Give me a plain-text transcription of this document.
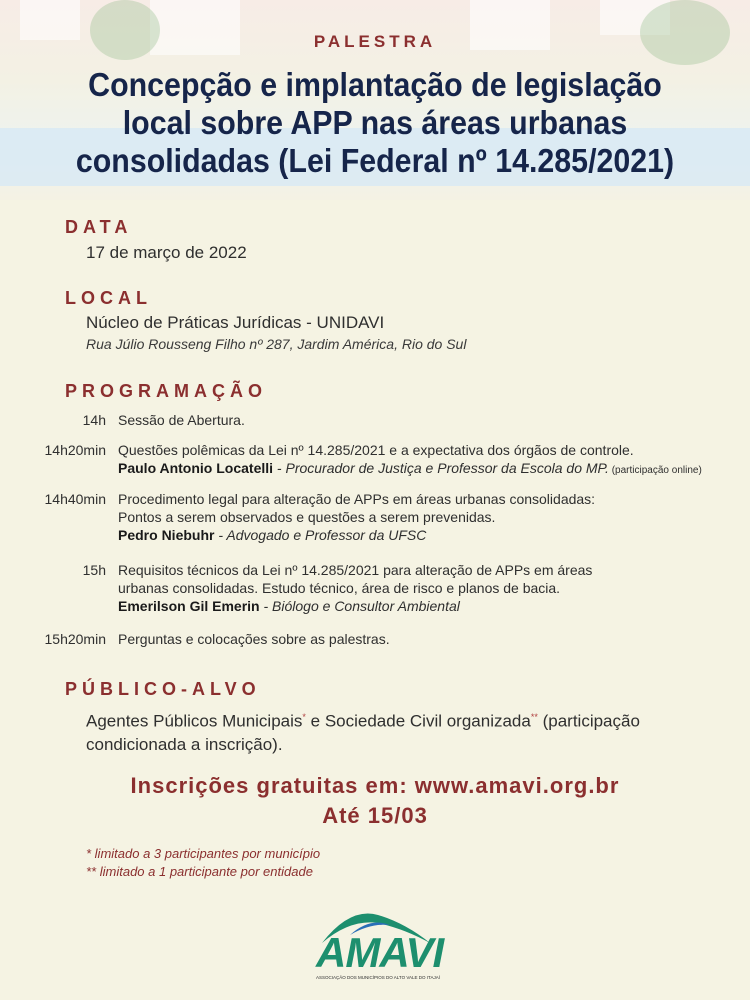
PALESTRA
Concepção e implantação de legislação
local sobre APP nas áreas urbanas
consolidadas (Lei Federal nº 14.285/2021)
DATA
17 de março de 2022
LOCAL
Núcleo de Práticas Jurídicas - UNIDAVI
Rua Júlio Rousseng Filho nº 287, Jardim América, Rio do Sul
PROGRAMAÇÃO
14h Sessão de Abertura.
14h20min Questões polêmicas da Lei nº 14.285/2021 e a expectativa dos órgãos de controle.
Paulo Antonio Locatelli - Procurador de Justiça e Professor da Escola do MP. (participação online)
14h40min Procedimento legal para alteração de APPs em áreas urbanas consolidadas:
Pontos a serem observados e questões a serem prevenidas.
Pedro Niebuhr - Advogado e Professor da UFSC
15h Requisitos técnicos da Lei nº 14.285/2021 para alteração de APPs em áreas
urbanas consolidadas. Estudo técnico, área de risco e planos de bacia.
Emerilson Gil Emerin - Biólogo e Consultor Ambiental
15h20min Perguntas e colocações sobre as palestras.
PÚBLICO-ALVO
Agentes Públicos Municipais* e Sociedade Civil organizada** (participação
condicionada a inscrição).
Inscrições gratuitas em: www.amavi.org.br
Até 15/03
* limitado a 3 participantes por município
** limitado a 1 participante por entidade
AMAVI
ASSOCIAÇÃO DOS MUNICÍPIOS DO ALTO VALE DO ITAJAÍ
